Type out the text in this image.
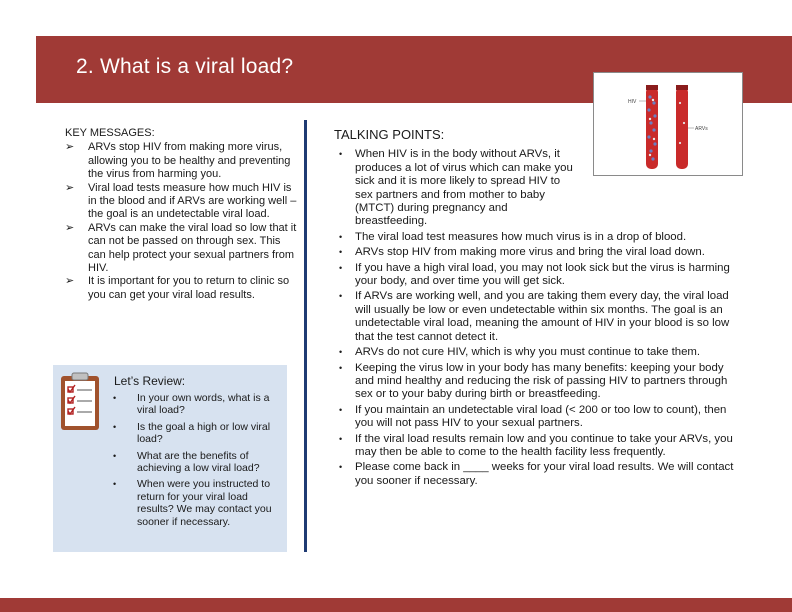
2. What is a viral load?
HIV
ARVs
KEY MESSAGES:
➢ ARVs stop HIV from making more virus, allowing you to be healthy and preventing the virus from harming you.
➢ Viral load tests measure how much HIV is in the blood and if ARVs are working well – the goal is an undetectable viral load.
➢ ARVs can make the viral load so low that it can not be passed on through sex. This can help protect your sexual partners from HIV.
➢ It is important for you to return to clinic so you can get your viral load results.
Let’s Review:
• In your own words, what is a viral load?
• Is the goal a high or low viral load?
• What are the benefits of achieving a low viral load?
• When were you instructed to return for your viral load results? We may contact you sooner if necessary.
TALKING POINTS:
• When HIV is in the body without ARVs, it produces a lot of virus which can make you sick and it is more likely to spread HIV to sex partners and from mother to baby (MTCT) during pregnancy and breastfeeding.
• The viral load test measures how much virus is in a drop of blood.
• ARVs stop HIV from making more virus and bring the viral load down.
• If you have a high viral load, you may not look sick but the virus is harming your body, and over time you will get sick.
• If ARVs are working well, and you are taking them every day, the viral load will usually be low or even undetectable within six months. The goal is an undetectable viral load, meaning the amount of HIV in your blood is so low that the test cannot detect it.
• ARVs do not cure HIV, which is why you must continue to take them.
• Keeping the virus low in your body has many benefits: keeping your body and mind healthy and reducing the risk of passing HIV to partners through sex or to your baby during birth or breastfeeding.
• If you maintain an undetectable viral load (< 200 or too low to count), then you will not pass HIV to your sexual partners.
• If the viral load results remain low and you continue to take your ARVs, you may then be able to come to the health facility less frequently.
• Please come back in ____ weeks for your viral load results. We will contact you sooner if necessary.
